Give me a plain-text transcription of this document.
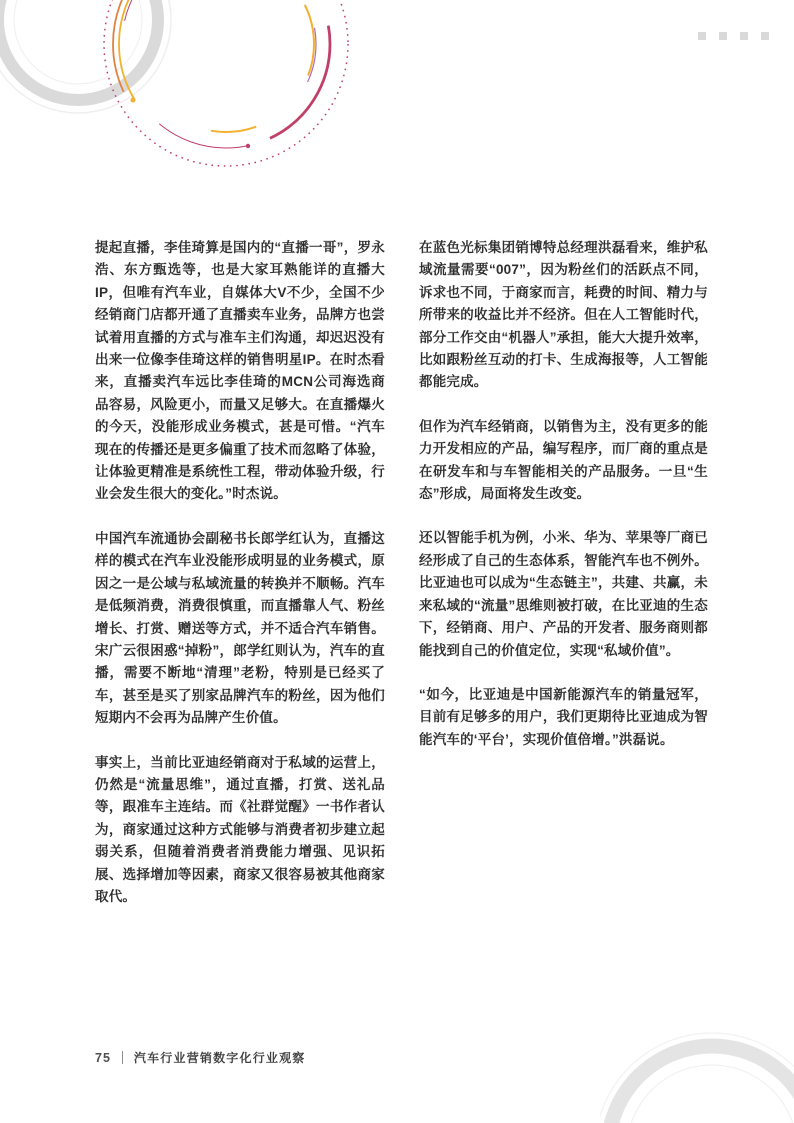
提起直播，李佳琦算是国内的“直播一哥”，罗永浩、东方甄选等，也是大家耳熟能详的直播大IP，但唯有汽车业，自媒体大V不少，全国不少经销商门店都开通了直播卖车业务，品牌方也尝试着用直播的方式与准车主们沟通，却迟迟没有出来一位像李佳琦这样的销售明星IP。在时杰看来，直播卖汽车远比李佳琦的MCN公司海选商品容易，风险更小，而量又足够大。在直播爆火的今天，没能形成业务模式，甚是可惜。“汽车现在的传播还是更多偏重了技术而忽略了体验，让体验更精准是系统性工程，带动体验升级，行业会发生很大的变化。”时杰说。

中国汽车流通协会副秘书长郎学红认为，直播这样的模式在汽车业没能形成明显的业务模式，原因之一是公域与私域流量的转换并不顺畅。汽车是低频消费，消费很慎重，而直播靠人气、粉丝增长、打赏、赠送等方式，并不适合汽车销售。宋广云很困惑“掉粉”，郎学红则认为，汽车的直播，需要不断地“清理”老粉，特别是已经买了车，甚至是买了别家品牌汽车的粉丝，因为他们短期内不会再为品牌产生价值。

事实上，当前比亚迪经销商对于私域的运营上，仍然是“流量思维”，通过直播，打赏、送礼品等，跟准车主连结。而《社群觉醒》一书作者认为，商家通过这种方式能够与消费者初步建立起弱关系，但随着消费者消费能力增强、见识拓展、选择增加等因素，商家又很容易被其他商家取代。

在蓝色光标集团销博特总经理洪磊看来，维护私域流量需要“007”，因为粉丝们的活跃点不同，诉求也不同，于商家而言，耗费的时间、精力与所带来的收益比并不经济。但在人工智能时代，部分工作交由“机器人”承担，能大大提升效率，比如跟粉丝互动的打卡、生成海报等，人工智能都能完成。

但作为汽车经销商，以销售为主，没有更多的能力开发相应的产品，编写程序，而厂商的重点是在研发车和与车智能相关的产品服务。一旦“生态”形成，局面将发生改变。

还以智能手机为例，小米、华为、苹果等厂商已经形成了自己的生态体系，智能汽车也不例外。比亚迪也可以成为“生态链主”，共建、共赢，未来私域的“流量”思维则被打破，在比亚迪的生态下，经销商、用户、产品的开发者、服务商则都能找到自己的价值定位，实现“私域价值”。

“如今，比亚迪是中国新能源汽车的销量冠军，目前有足够多的用户，我们更期待比亚迪成为智能汽车的‘平台’，实现价值倍增。”洪磊说。

75 汽车行业营销数字化行业观察
